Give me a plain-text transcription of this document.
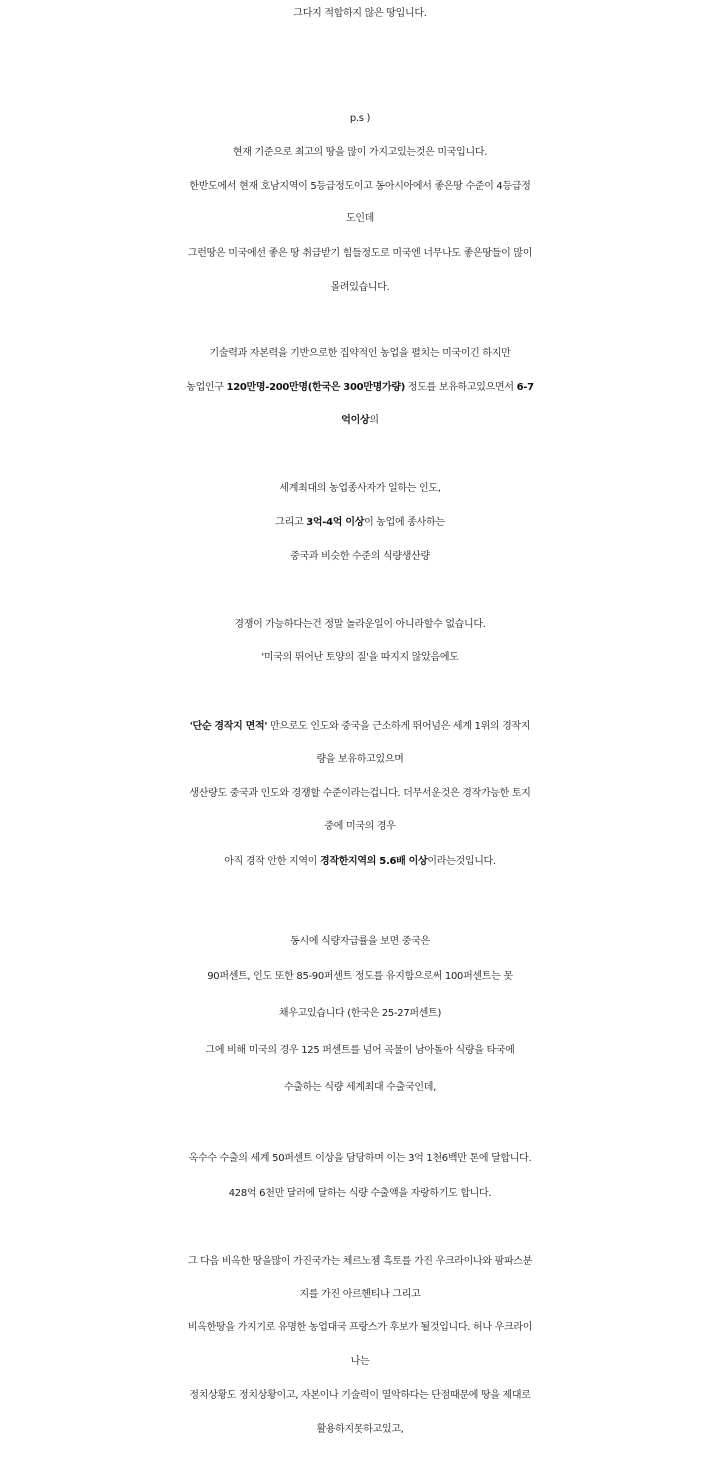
그다지 적합하지 않은 땅입니다.
p.s )
현재 기준으로 최고의 땅을 많이 가지고있는것은 미국입니다.
한반도에서 현재 호남지역이 5등급정도이고 동아시아에서 좋은땅 수준이 4등급정
도인데
그런땅은 미국에선 좋은 땅 취급받기 힘들정도로 미국엔 너무나도 좋은땅들이 많이
몰려있습니다.
기술력과 자본력을 기반으로한 집약적인 농업을 펼치는 미국이긴 하지만
농업인구 120만명-200만명(한국은 300만명가량) 정도를 보유하고있으면서 6-7
억이상의
세계최대의 농업종사자가 일하는 인도,
그리고 3억-4억 이상이 농업에 종사하는
중국과 비슷한 수준의 식량생산량
경쟁이 가능하다는건 정말 놀라운일이 아니라할수 없습니다.
'미국의 뛰어난 토양의 질'을 따지지 않았음에도
'단순 경작지 면적' 만으로도 인도와 중국을 근소하게 뛰어넘은 세계 1위의 경작지
량을 보유하고있으며
생산량도 중국과 인도와 경쟁할 수준이라는겁니다. 더무서운것은 경작가능한 토지
중에 미국의 경우
아직 경작 안한 지역이 경작한지역의 5.6배 이상이라는것입니다.
동시에 식량자급률을 보면 중국은
90퍼센트, 인도 또한 85-90퍼센트 정도를 유지함으로써 100퍼센트는 못
채우고있습니다 (한국은 25-27퍼센트)
그에 비해 미국의 경우 125 퍼센트를 넘어 곡물이 남아돌아 식량을 타국에
수출하는 식량 세계최대 수출국인데,
옥수수 수출의 세계 50퍼센트 이상을 담당하며 이는 3억 1천6백만 톤에 달합니다.
428억 6천만 달러에 달하는 식량 수출액을 자랑하기도 합니다.
그 다음 비옥한 땅을많이 가진국가는 체르노젬 흑토를 가진 우크라이나와 팜파스분
지를 가진 아르헨티나 그리고
비옥한땅을 가지기로 유명한 농업대국 프랑스가 후보가 될것입니다. 허나 우크라이
나는
정치상황도 정치상황이고, 자본이나 기술력이 열악하다는 단점때문에 땅을 제대로
활용하지못하고있고,
